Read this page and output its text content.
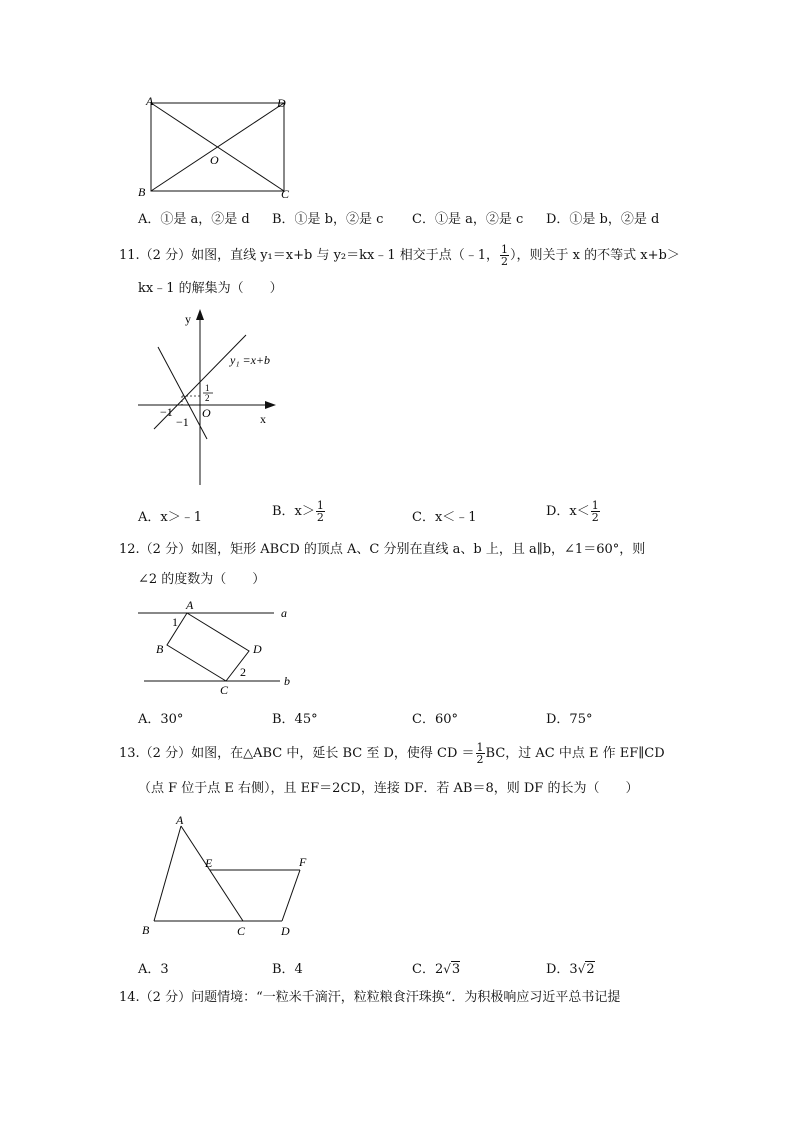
A	D
O
B	C
A．①是 a，②是 d B．①是 b，②是 c C．①是 a，②是 c D．①是 b，②是 d
11.（2 分）如图，直线 y₁＝x+b 与 y₂＝kx﹣1 相交于点（﹣1， $\frac{1}{2}$ ），则关于 x 的不等式 x+b＞
kx﹣1 的解集为（　　）
y
x
O
y₁ =x+b
1
2
−1
−1
A．x＞﹣1	B．$x> \frac{1}{2}$	C．x＜﹣1	D．$x< \frac{1}{2}$
12.（2 分）如图，矩形 ABCD 的顶点 A、C 分别在直线 a、b 上，且 a∥b，∠1＝60°，则
∠2 的度数为（　　）
A
B
C
D
1
2
a
b
A．30°	B．45°	C．60°	D．75°
13.（2 分）如图，在△ABC 中，延长 BC 至 D，使得 CD ＝ $\frac{1}{2}$ BC，过 AC 中点 E 作 EF∥CD
（点 F 位于点 E 右侧），且 EF＝2CD，连接 DF．若 AB＝8，则 DF 的长为（　　）
A
E	F
B	C	D
A．3	B．4	C．2√3	D．3√2
14.（2 分）问题情境：“一粒米千滴汗，粒粒粮食汗珠换“．为积极响应习近平总书记提
